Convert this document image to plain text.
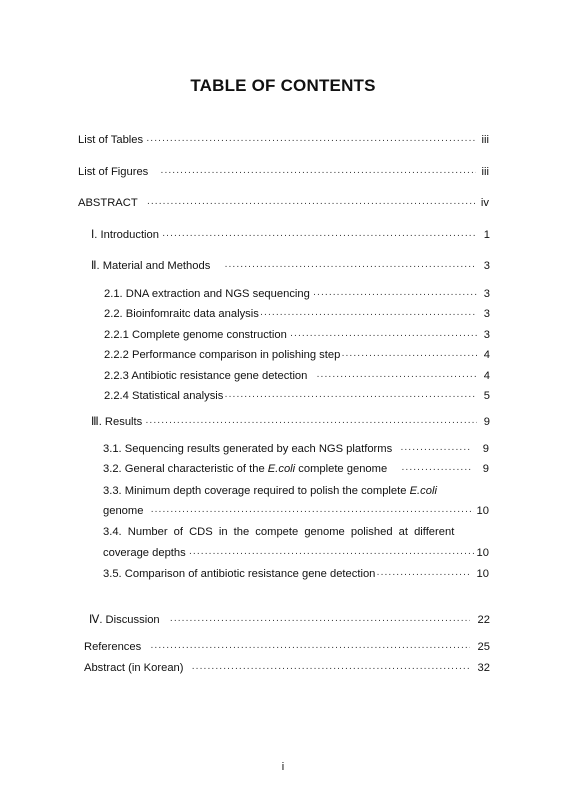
TABLE OF CONTENTS
List of Tables ·····	iii
List of Figures ·····	iii
ABSTRACT ·····	iv
Ⅰ. Introduction ·····	1
Ⅱ. Material and Methods ·····	3
2.1. DNA extraction and NGS sequencing ·····	3
2.2. Bioinfomraitc data analysis ·····	3
2.2.1 Complete genome construction ·····	3
2.2.2 Performance comparison in polishing step ·····	4
2.2.3 Antibiotic resistance gene detection ·····	4
2.2.4 Statistical analysis ·····	5
Ⅲ. Results ·····	9
3.1. Sequencing results generated by each NGS platforms ·····	9
3.2. General characteristic of the E.coli complete genome ·····	9
3.3. Minimum depth coverage required to polish the complete E.coli
genome ·····	10
3.4. Number of CDS in the compete genome polished at different
coverage depths ·····	10
3.5. Comparison of antibiotic resistance gene detection ·····	10
Ⅳ. Discussion ·····	22
References ·····	25
Abstract (in Korean) ·····	32
i
